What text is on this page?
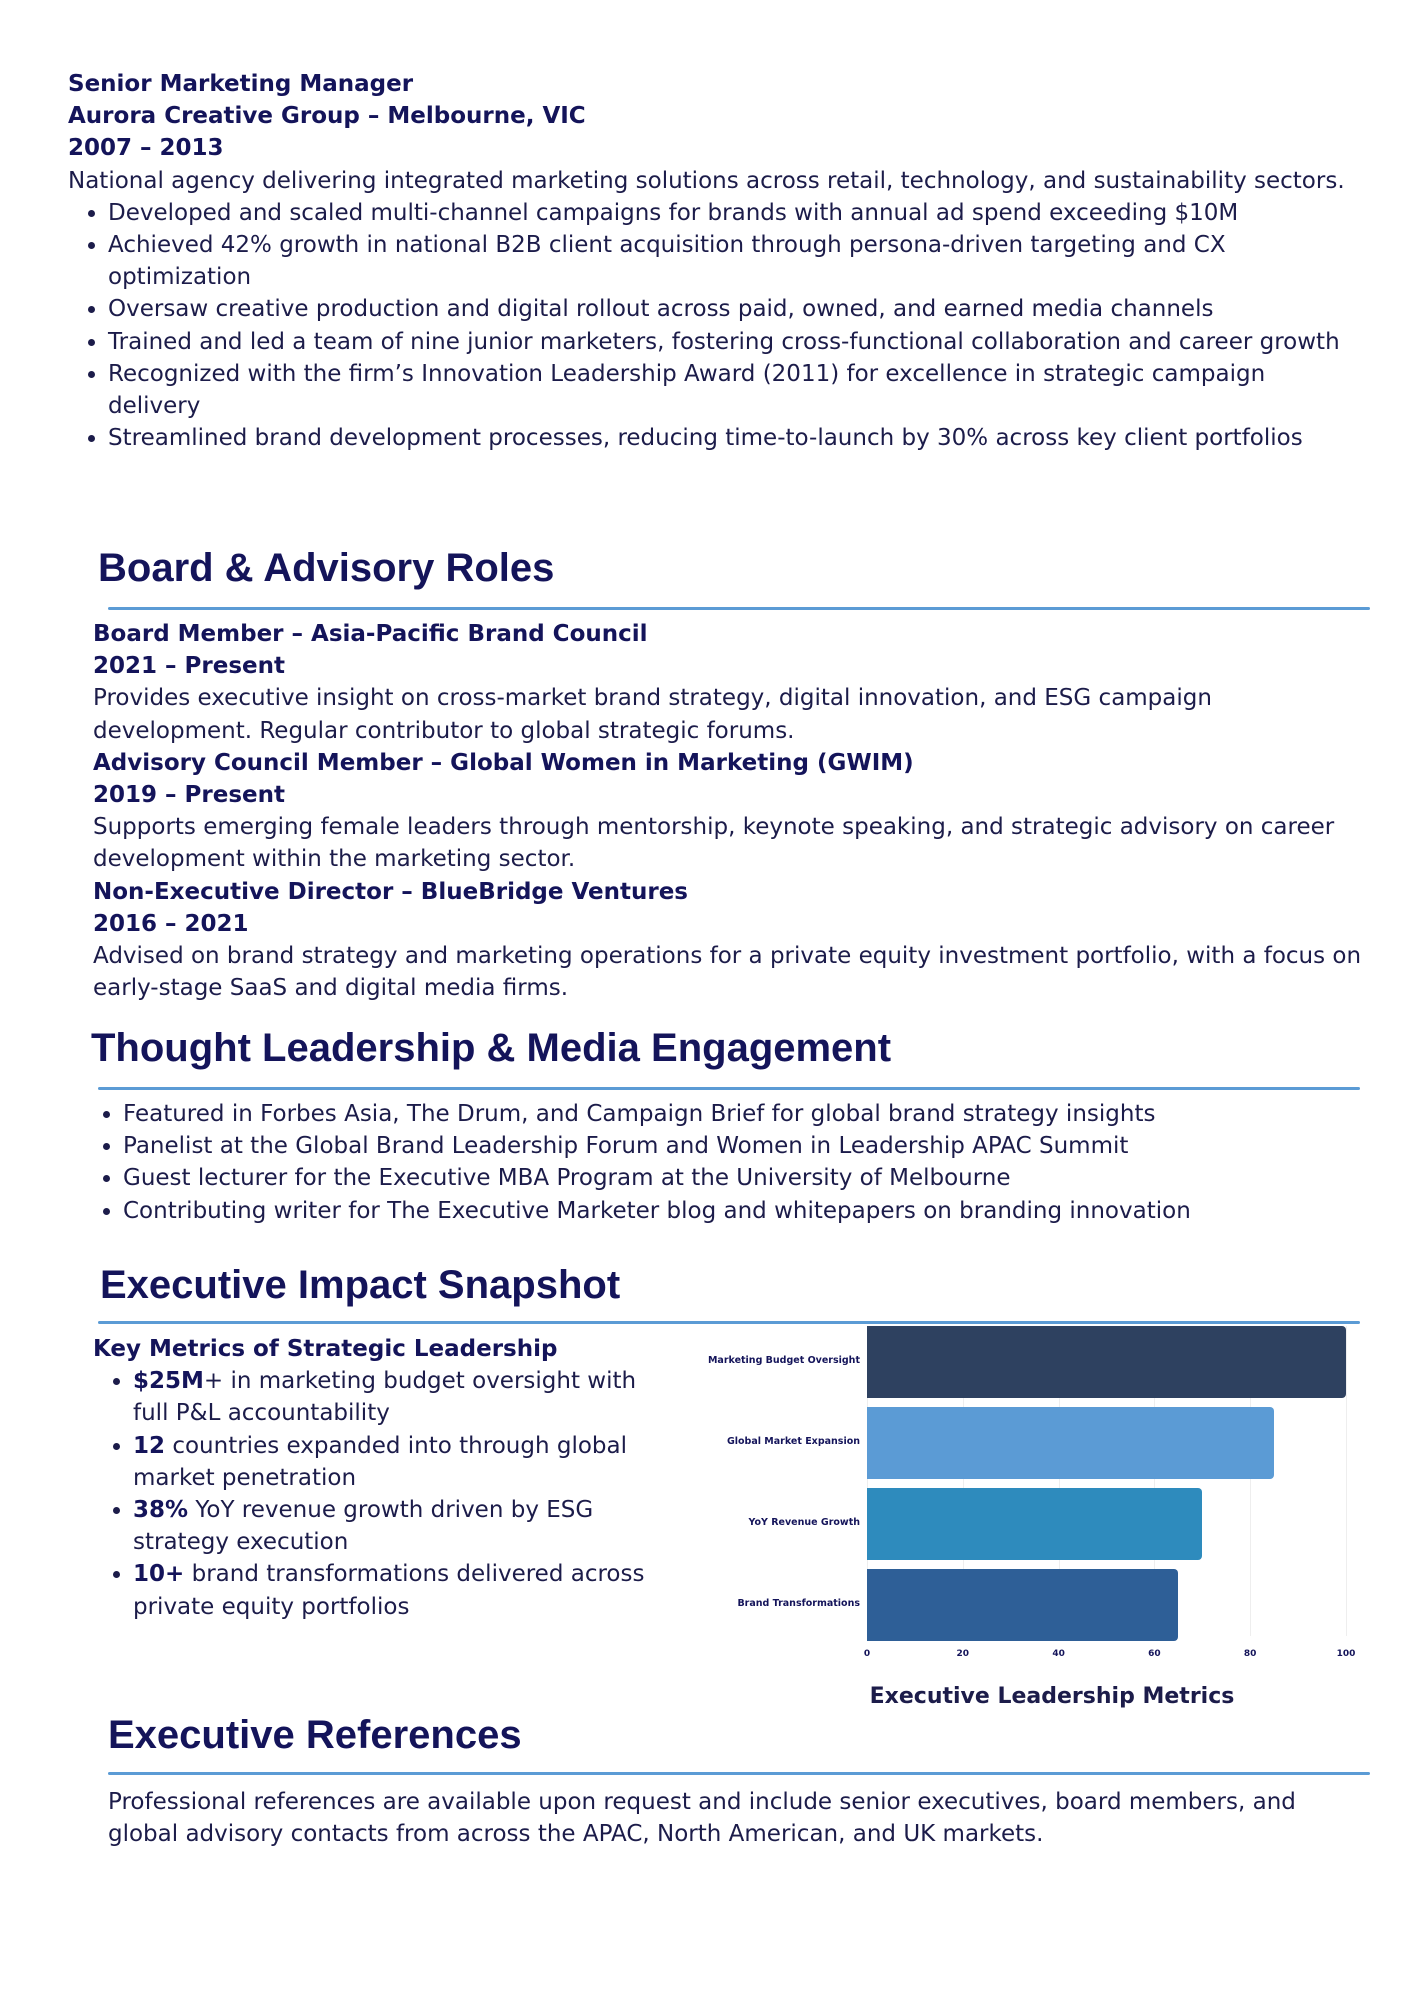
Senior Marketing Manager

Aurora Creative Group – Melbourne, VIC

2007 – 2013

National agency delivering integrated marketing solutions across retail, technology, and sustainability sectors.

• Developed and scaled multi-channel campaigns for brands with annual ad spend exceeding $10M
• Achieved 42% growth in national B2B client acquisition through persona-driven targeting and CX optimization
• Oversaw creative production and digital rollout across paid, owned, and earned media channels
• Trained and led a team of nine junior marketers, fostering cross-functional collaboration and career growth
• Recognized with the firm’s Innovation Leadership Award (2011) for excellence in strategic campaign delivery
• Streamlined brand development processes, reducing time-to-launch by 30% across key client portfolios
Board & Advisory Roles

Board Member – Asia-Pacific Brand Council

2021 – Present

Provides executive insight on cross-market brand strategy, digital innovation, and ESG campaign development. Regular contributor to global strategic forums.

Advisory Council Member – Global Women in Marketing (GWIM)

2019 – Present

Supports emerging female leaders through mentorship, keynote speaking, and strategic advisory on career development within the marketing sector.

Non-Executive Director – BlueBridge Ventures

2016 – 2021

Advised on brand strategy and marketing operations for a private equity investment portfolio, with a focus on early-stage SaaS and digital media firms.

Thought Leadership & Media Engagement
• Featured in Forbes Asia, The Drum, and Campaign Brief for global brand strategy insights
• Panelist at the Global Brand Leadership Forum and Women in Leadership APAC Summit
• Guest lecturer for the Executive MBA Program at the University of Melbourne
• Contributing writer for The Executive Marketer blog and whitepapers on branding innovation
Executive Impact Snapshot

Key Metrics of Strategic Leadership

• $25M+ in marketing budget oversight with full P&L accountability
• 12 countries expanded into through global market penetration
• 38% YoY revenue growth driven by ESG strategy execution
• 10+ brand transformations delivered across private equity portfolios
Executive Leadership Metrics
0	20	40	60	80	100
Marketing Budget Oversight
Global Market Expansion
YoY Revenue Growth
Brand Transformations
Executive References

Professional references are available upon request and include senior executives, board members, and global advisory contacts from across the APAC, North American, and UK markets.
